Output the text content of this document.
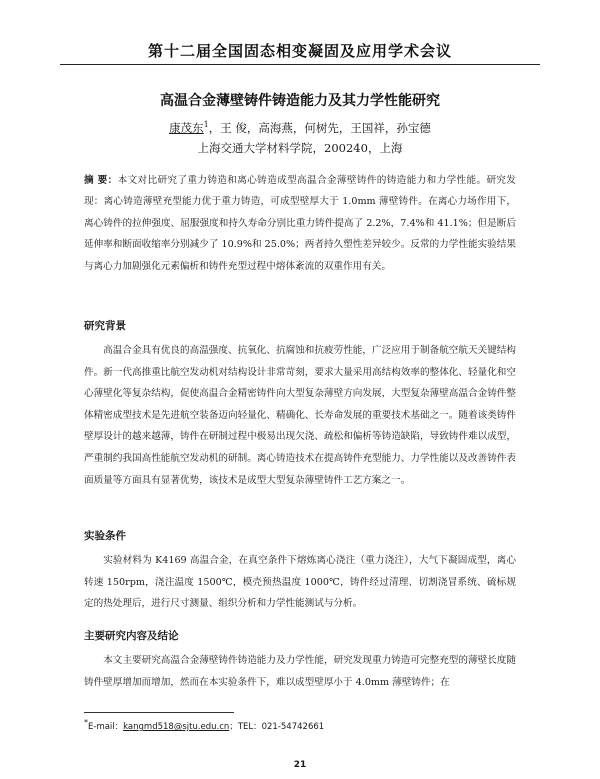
第十二届全国固态相变凝固及应用学术会议
高温合金薄壁铸件铸造能力及其力学性能研究
康茂东$^1$，王 俊，高海燕，何树先，王国祥，孙宝德
上海交通大学材料学院，200240，上海
摘 要：本文对比研究了重力铸造和离心铸造成型高温合金薄壁铸件的铸造能力和力学性能。研究发现：离心铸造薄壁充型能力优于重力铸造，可成型壁厚大于 1.0mm 薄壁铸件。在离心力场作用下，离心铸件的拉伸强度、屈服强度和持久寿命分别比重力铸件提高了 2.2%，7.4%和 41.1%；但是断后延伸率和断面收缩率分别减少了 10.9%和 25.0%；两者持久塑性差异较少。反常的力学性能实验结果与离心力加剧强化元素偏析和铸件充型过程中熔体紊流的双重作用有关。
研究背景
高温合金具有优良的高温强度、抗氧化、抗腐蚀和抗疲劳性能，广泛应用于制备航空航天关键结构件。新一代高推重比航空发动机对结构设计非常苛刻，要求大量采用高结构效率的整体化、轻量化和空心薄壁化等复杂结构，促使高温合金精密铸件向大型复杂薄壁方向发展，大型复杂薄壁高温合金铸件整体精密成型技术是先进航空装备迈向轻量化、精确化、长寿命发展的重要技术基础之一。随着该类铸件壁厚设计的越来越薄，铸件在研制过程中极易出现欠浇、疏松和偏析等铸造缺陷，导致铸件难以成型，严重制约我国高性能航空发动机的研制。离心铸造技术在提高铸件充型能力、力学性能以及改善铸件表面质量等方面具有显著优势，该技术是成型大型复杂薄壁铸件工艺方案之一。
实验条件
实验材料为 K4169 高温合金，在真空条件下熔炼离心浇注（重力浇注），大气下凝固成型，离心转速 150rpm，浇注温度 1500℃，模壳预热温度 1000℃，铸件经过清理、切割浇冒系统、硫标规定的热处理后，进行尺寸测量、组织分析和力学性能测试与分析。
主要研究内容及结论
本文主要研究高温合金薄壁铸件铸造能力及力学性能，研究发现重力铸造可完整充型的薄壁长度随铸件壁厚增加而增加，然而在本实验条件下，难以成型壁厚小于 4.0mm 薄壁铸件；在
*E-mail：kangmd518@sjtu.edu.cn；TEL：021-54742661
21
